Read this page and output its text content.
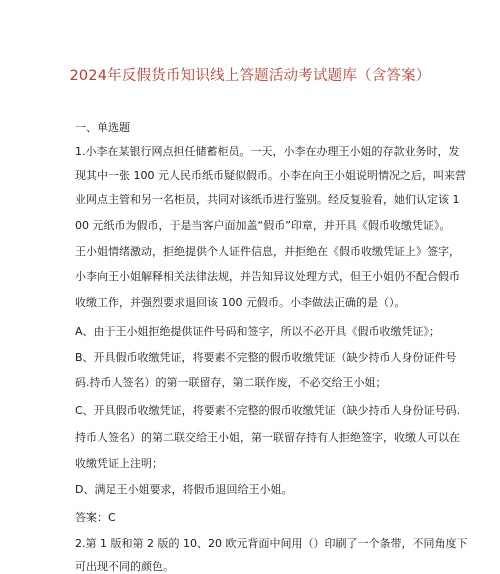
2024年反假货币知识线上答题活动考试题库（含答案）
一、单选题
1.小李在某银行网点担任储蓄柜员。一天，小李在办理王小姐的存款业务时，发
现其中一张 100 元人民币纸币疑似假币。小李在向王小姐说明情况之后，叫来营
业网点主管和另一名柜员，共同对该纸币进行鉴别。经反复验看，她们认定该 1
00 元纸币为假币，于是当客户面加盖“假币”印章，并开具《假币收缴凭证》。
王小姐情绪激动，拒绝提供个人证件信息，并拒绝在《假币收缴凭证上》签字，
小李向王小姐解释相关法律法规，并告知异议处理方式，但王小姐仍不配合假币
收缴工作，并强烈要求退回该 100 元假币。小李做法正确的是（）。
A、由于王小姐拒绝提供证件号码和签字，所以不必开具《假币收缴凭证》；
B、开具假币收缴凭证，将要素不完整的假币收缴凭证（缺少持币人身份证件号
码.持币人签名）的第一联留存，第二联作废，不必交给王小姐；
C、开具假币收缴凭证，将要素不完整的假币收缴凭证（缺少持币人身份证号码.
持币人签名）的第二联交给王小姐，第一联留存持有人拒绝签字，收缴人可以在
收缴凭证上注明；
D、满足王小姐要求，将假币退回给王小姐。
答案：C
2.第 1 版和第 2 版的 10、20 欧元背面中间用（）印刷了一个条带，不同角度下
可出现不同的颜色。
